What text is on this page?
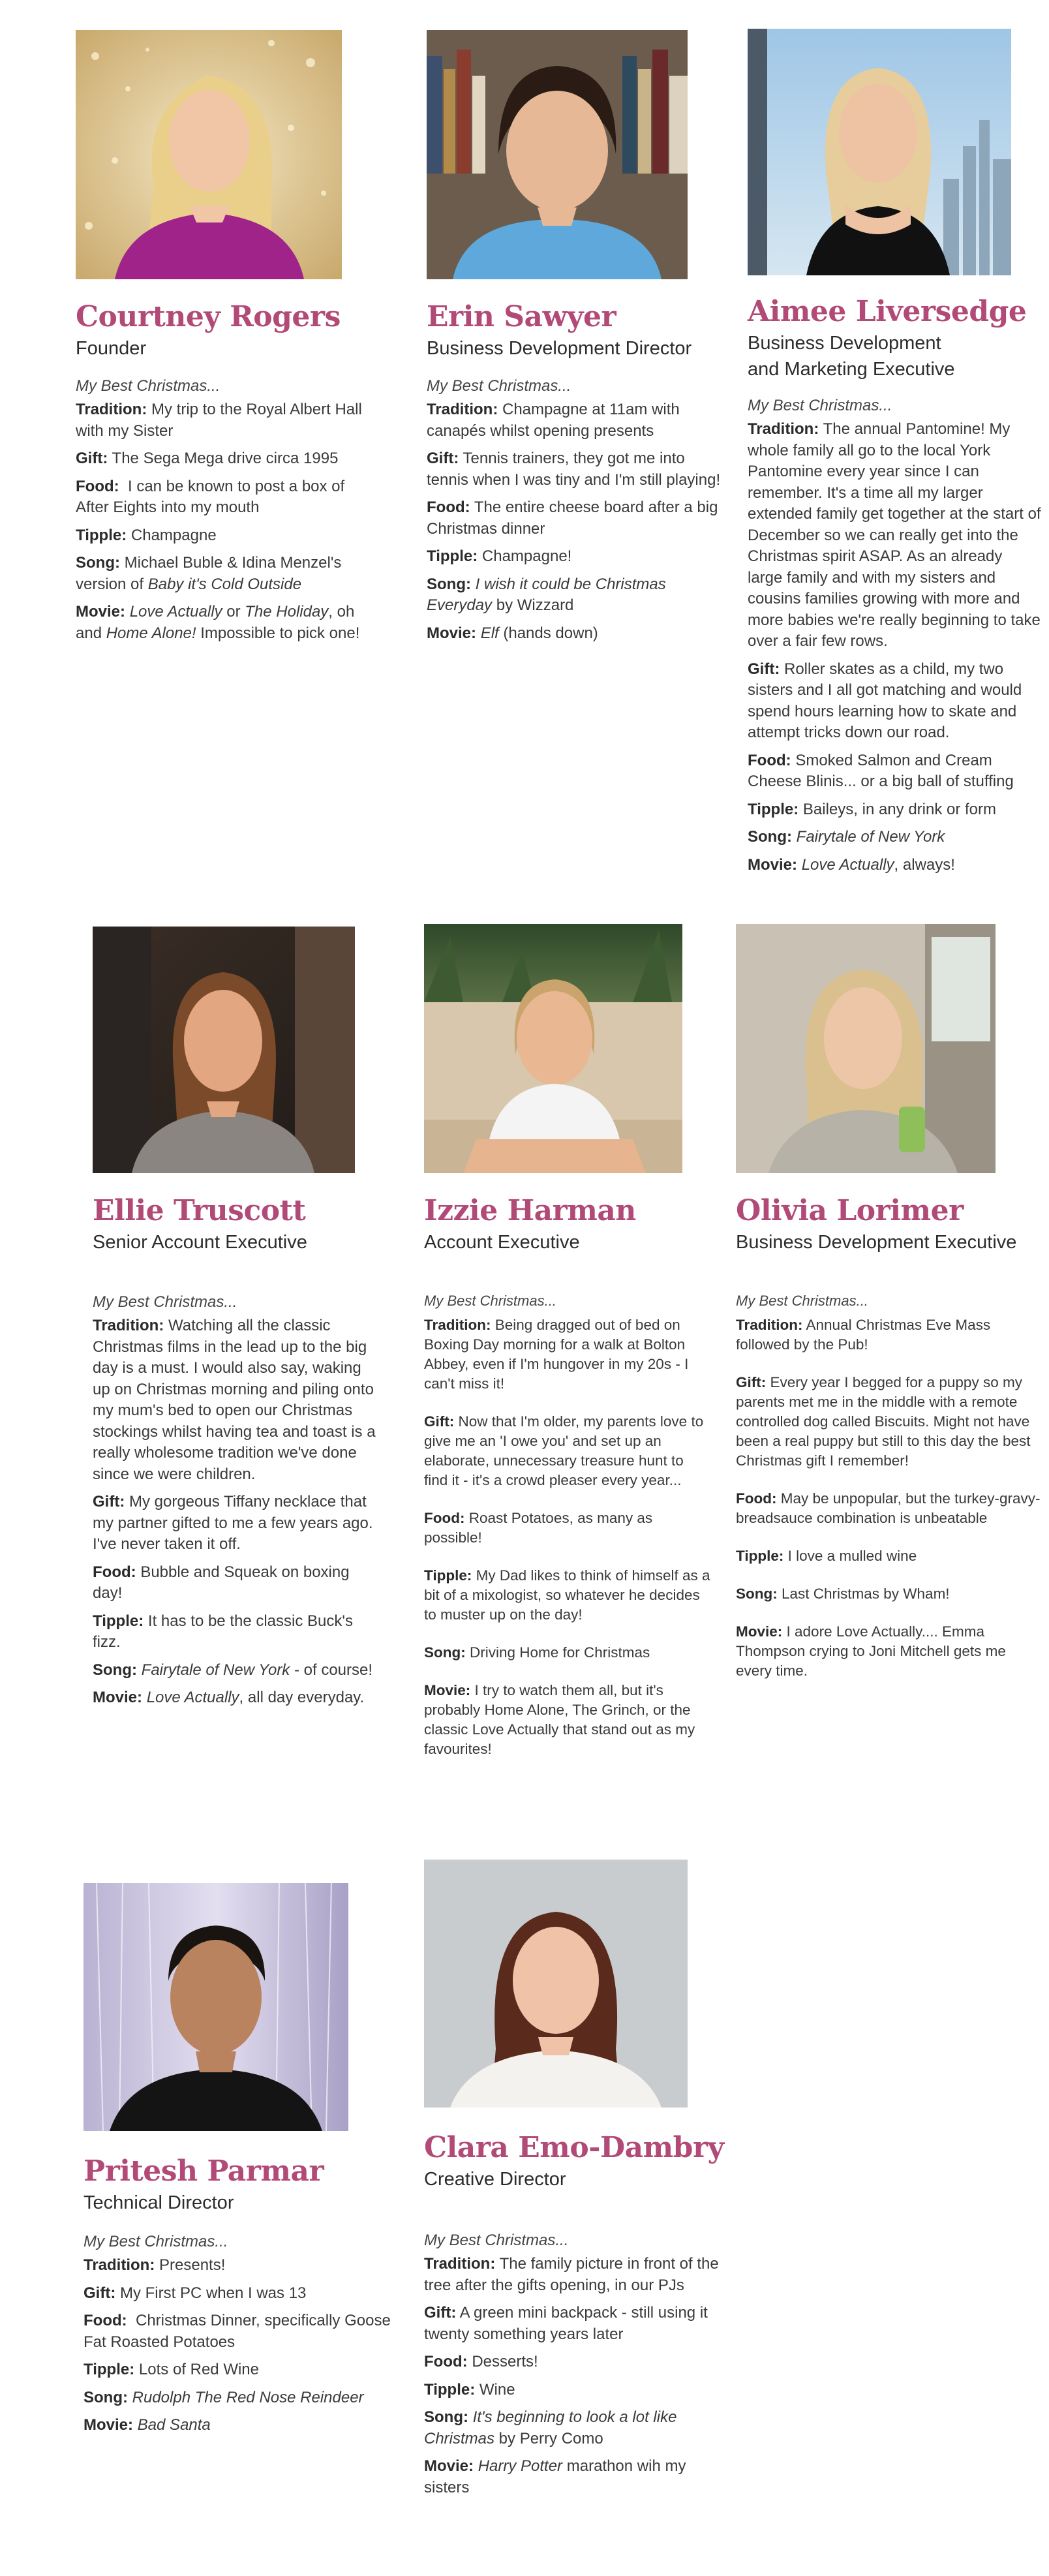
Courtney Rogers

Founder

My Best Christmas...

Tradition: My trip to the Royal Albert Hall with my Sister

Gift: The Sega Mega drive circa 1995

Food: I can be known to post a box of After Eights into my mouth

Tipple: Champagne

Song: Michael Buble & Idina Menzel's version of Baby it's Cold Outside

Movie: Love Actually or The Holiday, oh and Home Alone! Impossible to pick one!

Erin Sawyer

Business Development Director

My Best Christmas...

Tradition: Champagne at 11am with canapés whilst opening presents

Gift: Tennis trainers, they got me into tennis when I was tiny and I'm still playing!

Food: The entire cheese board after a big Christmas dinner

Tipple: Champagne!

Song: I wish it could be Christmas Everyday by Wizzard

Movie: Elf (hands down)

Aimee Liversedge

Business Development

and Marketing Executive

My Best Christmas...

Tradition: The annual Pantomine! My whole family all go to the local York Pantomine every year since I can remember. It's a time all my larger extended family get together at the start of December so we can really get into the Christmas spirit ASAP. As an already large family and with my sisters and cousins families growing with more and more babies we're really beginning to take over a fair few rows.

Gift: Roller skates as a child, my two sisters and I all got matching and would spend hours learning how to skate and attempt tricks down our road.

Food: Smoked Salmon and Cream Cheese Blinis... or a big ball of stuffing

Tipple: Baileys, in any drink or form

Song: Fairytale of New York

Movie: Love Actually, always!

Ellie Truscott

Senior Account Executive

My Best Christmas...

Tradition: Watching all the classic Christmas films in the lead up to the big day is a must. I would also say, waking up on Christmas morning and piling onto my mum's bed to open our Christmas stockings whilst having tea and toast is a really wholesome tradition we've done since we were children.

Gift: My gorgeous Tiffany necklace that my partner gifted to me a few years ago. I've never taken it off.

Food: Bubble and Squeak on boxing day!

Tipple: It has to be the classic Buck's fizz.

Song: Fairytale of New York - of course!

Movie: Love Actually, all day everyday.

Izzie Harman

Account Executive

My Best Christmas...

Tradition: Being dragged out of bed on Boxing Day morning for a walk at Bolton Abbey, even if I'm hungover in my 20s - I can't miss it!

Gift: Now that I'm older, my parents love to give me an 'I owe you' and set up an elaborate, unnecessary treasure hunt to find it - it's a crowd pleaser every year...

Food: Roast Potatoes, as many as possible!

Tipple: My Dad likes to think of himself as a bit of a mixologist, so whatever he decides to muster up on the day!

Song: Driving Home for Christmas

Movie: I try to watch them all, but it's probably Home Alone, The Grinch, or the classic Love Actually that stand out as my favourites!

Olivia Lorimer

Business Development Executive

My Best Christmas...

Tradition: Annual Christmas Eve Mass followed by the Pub!

Gift: Every year I begged for a puppy so my parents met me in the middle with a remote controlled dog called Biscuits. Might not have been a real puppy but still to this day the best Christmas gift I remember!

Food: May be unpopular, but the turkey-gravy-breadsauce combination is unbeatable

Tipple: I love a mulled wine

Song: Last Christmas by Wham!

Movie: I adore Love Actually.... Emma Thompson crying to Joni Mitchell gets me every time.

Pritesh Parmar

Technical Director

My Best Christmas...

Tradition: Presents!

Gift: My First PC when I was 13

Food: Christmas Dinner, specifically Goose Fat Roasted Potatoes

Tipple: Lots of Red Wine

Song: Rudolph The Red Nose Reindeer

Movie: Bad Santa

Clara Emo-Dambry

Creative Director

My Best Christmas...

Tradition: The family picture in front of the tree after the gifts opening, in our PJs

Gift: A green mini backpack - still using it twenty something years later

Food: Desserts!

Tipple: Wine

Song: It's beginning to look a lot like Christmas by Perry Como

Movie: Harry Potter marathon wih my sisters
